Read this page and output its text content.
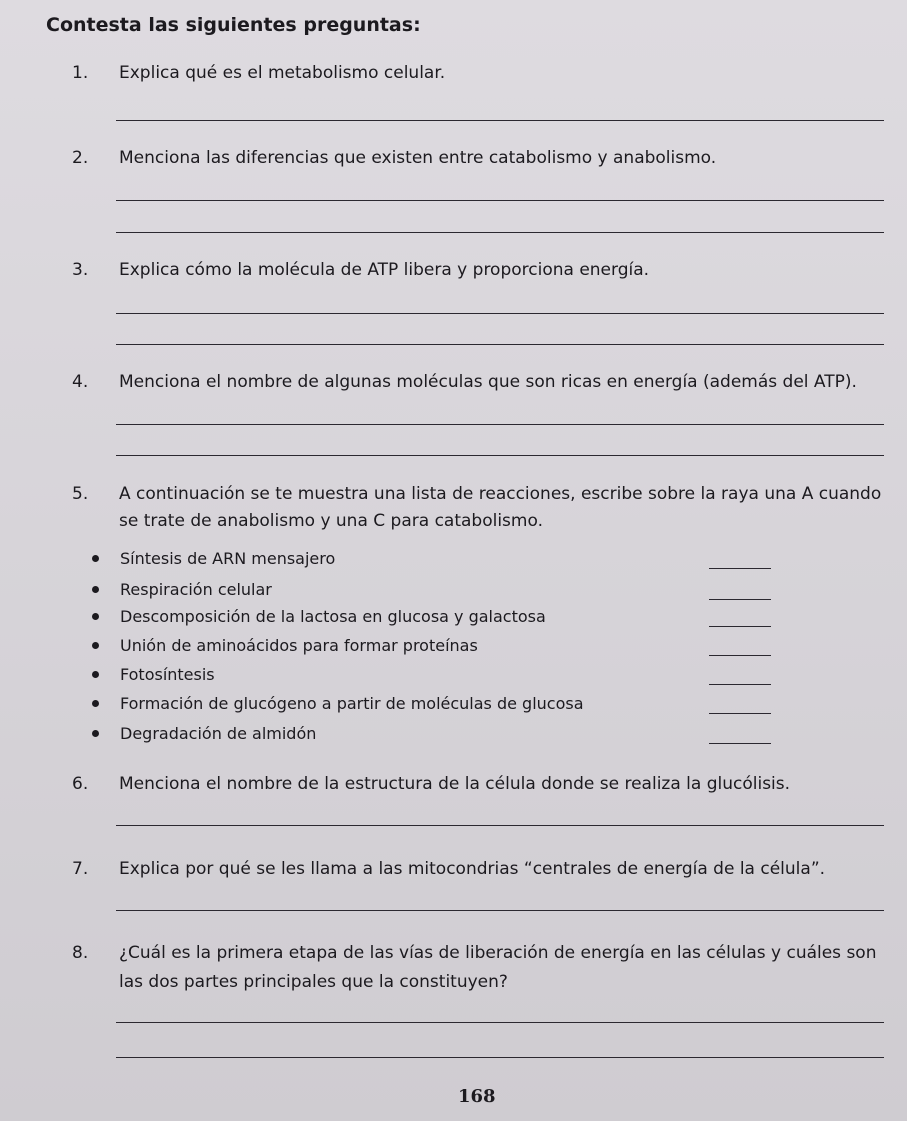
Contesta las siguientes preguntas:
1. Explica qué es el metabolismo celular.
2. Menciona las diferencias que existen entre catabolismo y anabolismo.
3. Explica cómo la molécula de ATP libera y proporciona energía.
4. Menciona el nombre de algunas moléculas que son ricas en energía (además del ATP).
5. A continuación se te muestra una lista de reacciones, escribe sobre la raya una A cuando
se trate de anabolismo y una C para catabolismo.
Síntesis de ARN mensajero
Respiración celular
Descomposición de la lactosa en glucosa y galactosa
Unión de aminoácidos para formar proteínas
Fotosíntesis
Formación de glucógeno a partir de moléculas de glucosa
Degradación de almidón
6. Menciona el nombre de la estructura de la célula donde se realiza la glucólisis.
7. Explica por qué se les llama a las mitocondrias “centrales de energía de la célula”.
8. ¿Cuál es la primera etapa de las vías de liberación de energía en las células y cuáles son
las dos partes principales que la constituyen?
168
